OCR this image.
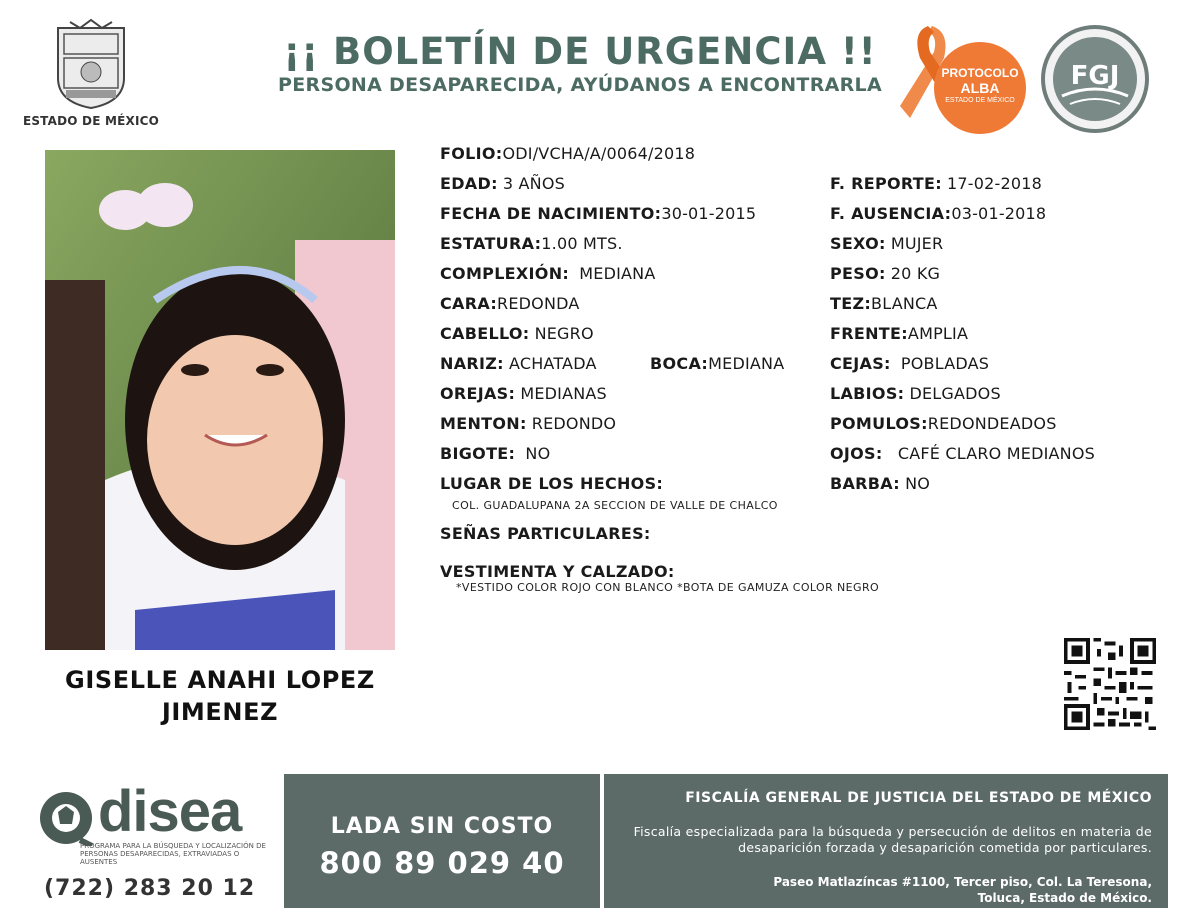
ESTADO DE MÉXICO
¡¡ BOLETÍN DE URGENCIA !!
PERSONA DESAPARECIDA, AYÚDANOS A ENCONTRARLA
PROTOCOLO
ALBA
ESTADO DE MÉXICO
FGJ
GISELLE ANAHI LOPEZ
JIMENEZ
FOLIO:ODI/VCHA/A/0064/2018
EDAD: 3 AÑOS	F. REPORTE: 17-02-2018
FECHA DE NACIMIENTO:30-01-2015	F. AUSENCIA:03-01-2018
ESTATURA:1.00 MTS.	SEXO: MUJER
COMPLEXIÓN: MEDIANA	PESO: 20 KG
CARA:REDONDA	TEZ:BLANCA
CABELLO: NEGRO	FRENTE:AMPLIA
NARIZ: ACHATADA	BOCA:MEDIANA	CEJAS: POBLADAS
OREJAS: MEDIANAS	LABIOS: DELGADOS
MENTON: REDONDO	POMULOS:REDONDEADOS
BIGOTE: NO	OJOS: CAFÉ CLARO MEDIANOS
LUGAR DE LOS HECHOS:	BARBA: NO
COL. GUADALUPANA 2A SECCION DE VALLE DE CHALCO
SEÑAS PARTICULARES:
VESTIMENTA Y CALZADO:
*VESTIDO COLOR ROJO CON BLANCO *BOTA DE GAMUZA COLOR NEGRO
disea
PROGRAMA PARA LA BÚSQUEDA Y LOCALIZACIÓN DE PERSONAS DESAPARECIDAS, EXTRAVIADAS O AUSENTES
(722) 283 20 12
LADA SIN COSTO
800 89 029 40
FISCALÍA GENERAL DE JUSTICIA DEL ESTADO DE MÉXICO
Fiscalía especializada para la búsqueda y persecución de delitos en materia de desaparición forzada y desaparición cometida por particulares.
Paseo Matlazíncas #1100, Tercer piso, Col. La Teresona,
Toluca, Estado de México.
